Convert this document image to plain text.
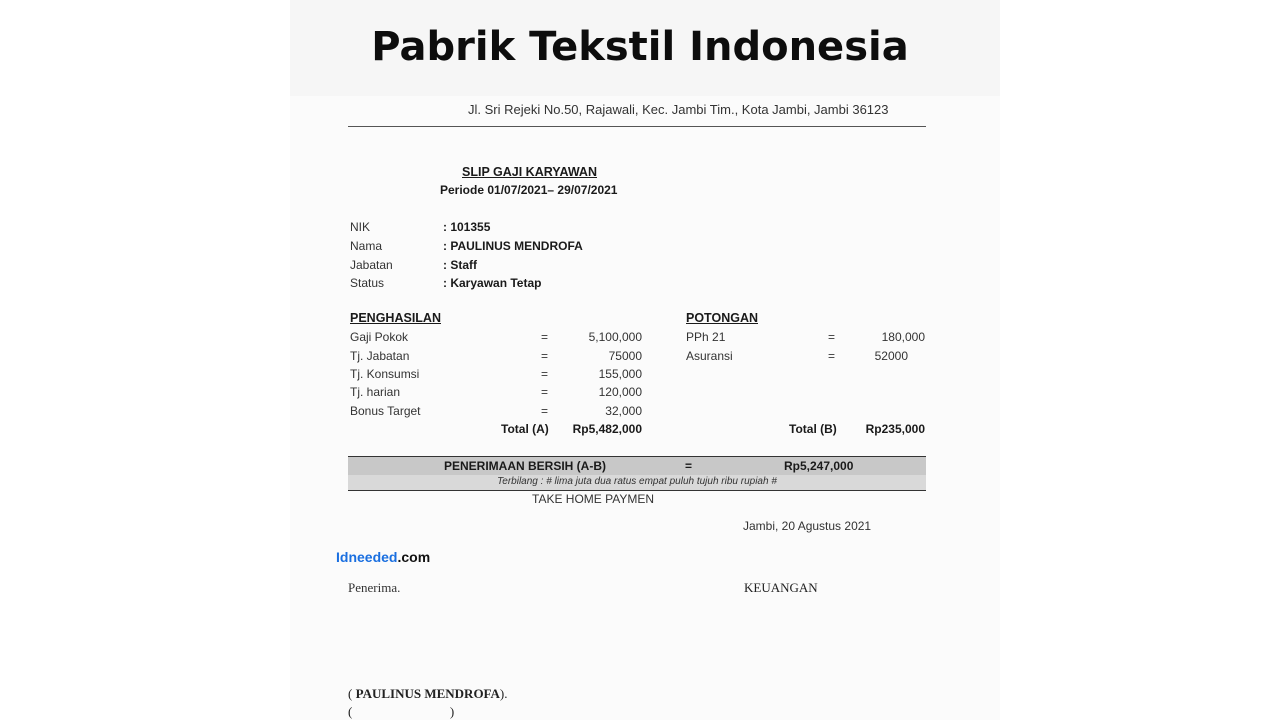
Pabrik Tekstil Indonesia
Jl. Sri Rejeki No.50, Rajawali, Kec. Jambi Tim., Kota Jambi, Jambi 36123
SLIP GAJI KARYAWAN
Periode 01/07/2021– 29/07/2021
NIK	: 101355
Nama	: PAULINUS MENDROFA
Jabatan	: Staff
Status	: Karyawan Tetap
PENGHASILAN
Gaji Pokok	=	5,100,000
Tj. Jabatan	=	75000
Tj. Konsumsi	=	155,000
Tj. harian	=	120,000
Bonus Target	=	32,000
Total (A)	Rp5,482,000
POTONGAN
PPh 21	=	180,000
Asuransi	=	52000
Total (B)	Rp235,000
PENERIMAAN BERSIH (A-B)	=	Rp5,247,000
Terbilang : # lima juta dua ratus empat puluh tujuh ribu rupiah #
TAKE HOME PAYMEN
Jambi, 20 Agustus 2021
Idneeded.com
Penerima.	KEUANGAN
( PAULINUS MENDROFA).
(                              )
